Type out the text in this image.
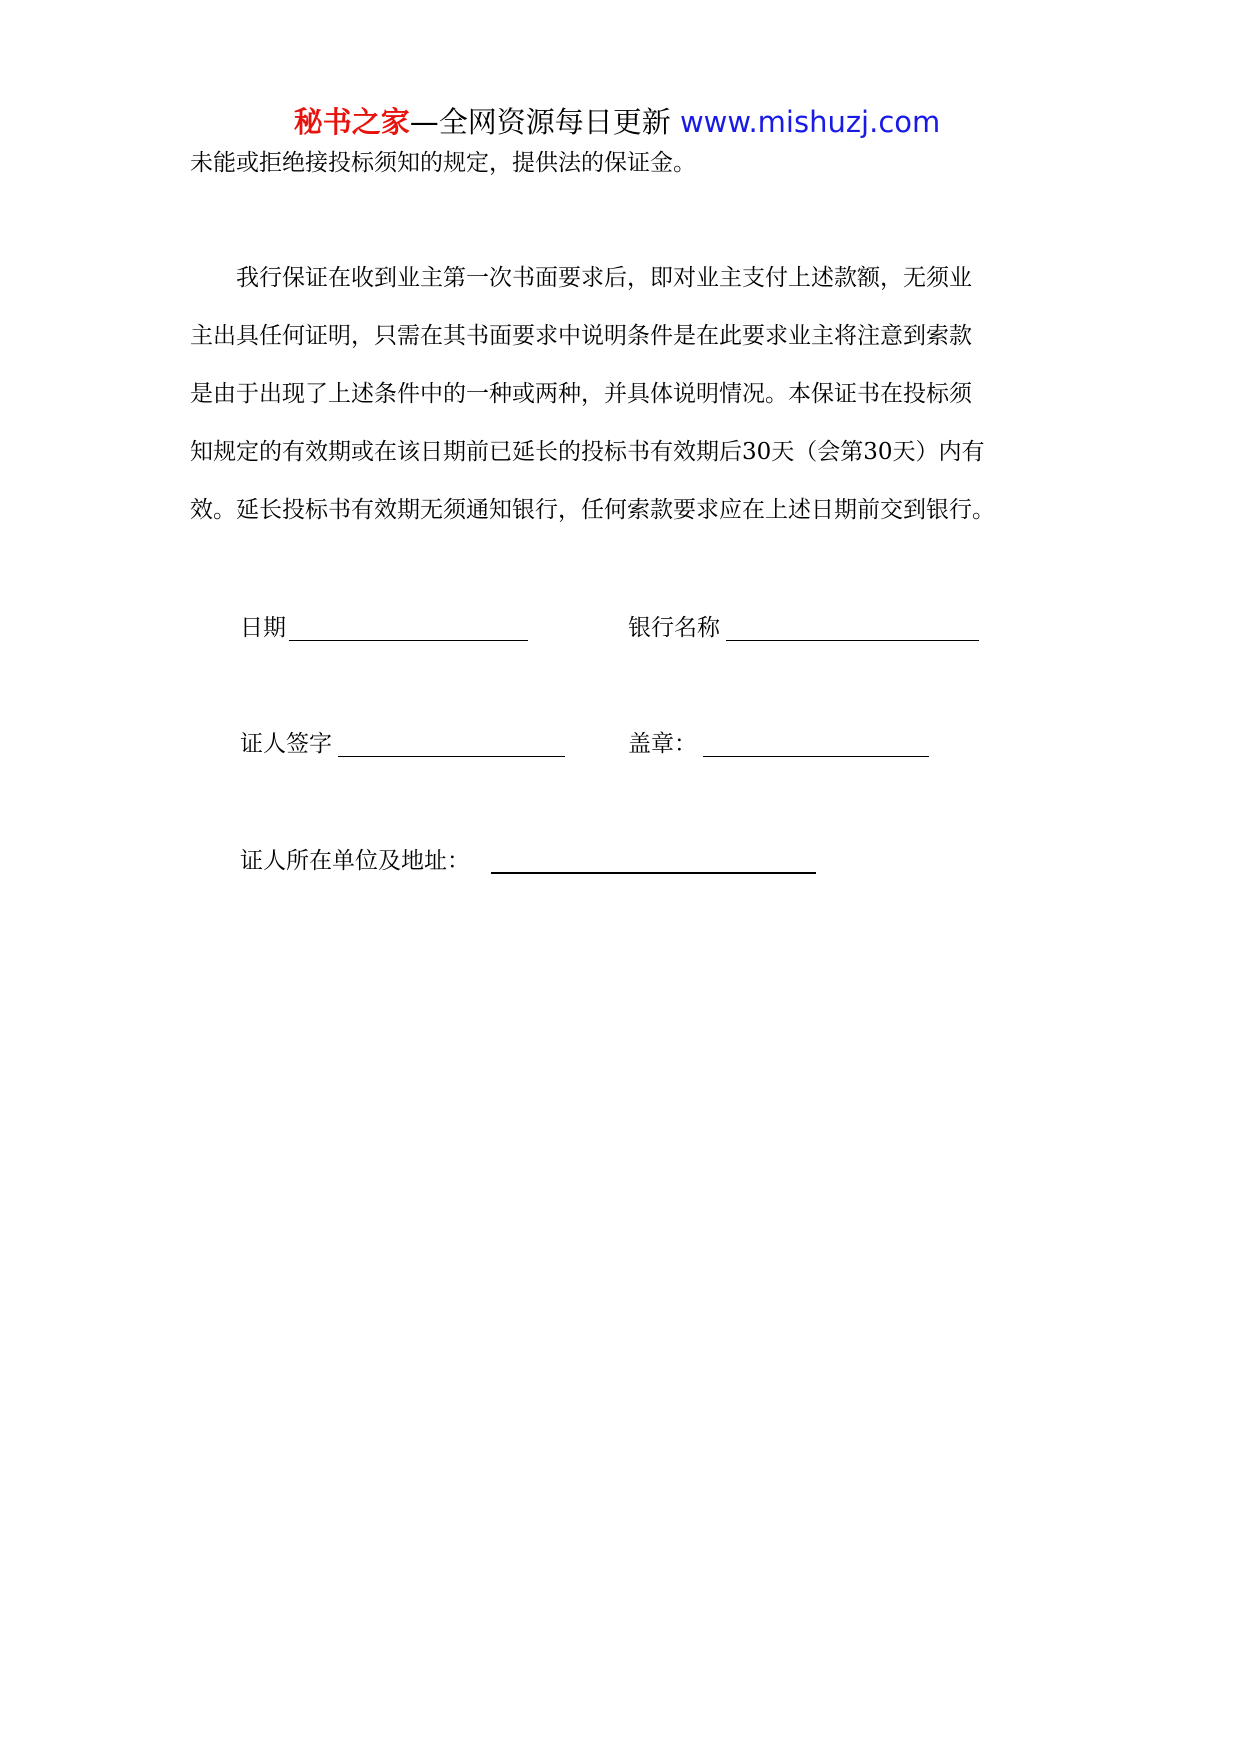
秘书之家—全网资源每日更新 www.mishuzj.com
未能或拒绝接投标须知的规定，提供法的保证金。
　　我行保证在收到业主第一次书面要求后，即对业主支付上述款额，无须业
主出具任何证明，只需在其书面要求中说明条件是在此要求业主将注意到索款
是由于出现了上述条件中的一种或两种，并具体说明情况。本保证书在投标须
知规定的有效期或在该日期前已延长的投标书有效期后30天（会第30天）内有
效。延长投标书有效期无须通知银行，任何索款要求应在上述日期前交到银行。
日期	银行名称
证人签字	盖章：
证人所在单位及地址：
